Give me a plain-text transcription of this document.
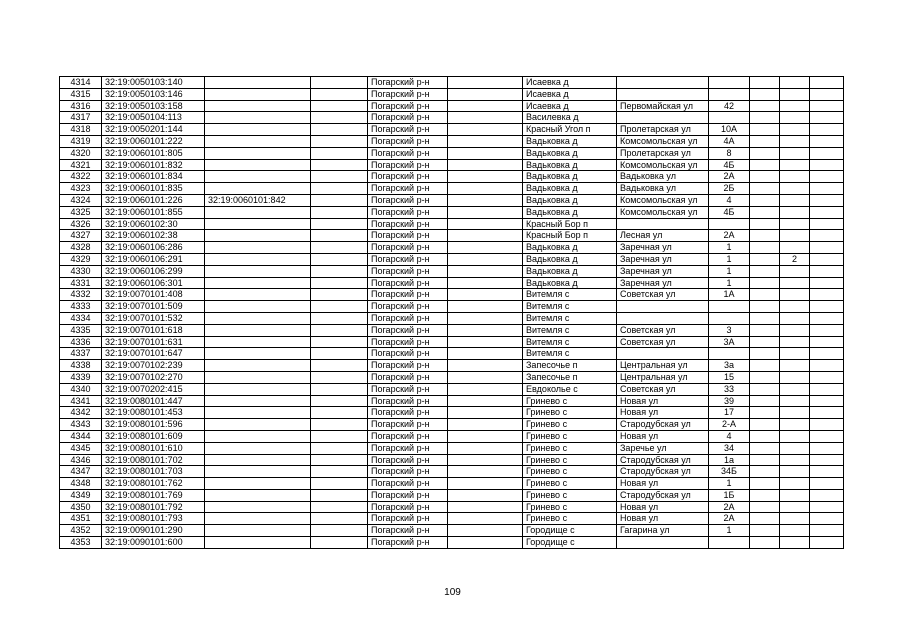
4314	32:19:0050103:140			Погарский р-н		Исаевка д					
4315	32:19:0050103:146			Погарский р-н		Исаевка д					
4316	32:19:0050103:158			Погарский р-н		Исаевка д	Первомайская ул	42			
4317	32:19:0050104:113			Погарский р-н		Василевка д					
4318	32:19:0050201:144			Погарский р-н		Красный Угол п	Пролетарская ул	10А			
4319	32:19:0060101:222			Погарский р-н		Вадьковка д	Комсомольская ул	4А			
4320	32:19:0060101:805			Погарский р-н		Вадьковка д	Пролетарская ул	8			
4321	32:19:0060101:832			Погарский р-н		Вадьковка д	Комсомольская ул	4Б			
4322	32:19:0060101:834			Погарский р-н		Вадьковка д	Вадьковка ул	2А			
4323	32:19:0060101:835			Погарский р-н		Вадьковка д	Вадьковка ул	2Б			
4324	32:19:0060101:226	32:19:0060101:842		Погарский р-н		Вадьковка д	Комсомольская ул	4			
4325	32:19:0060101:855			Погарский р-н		Вадьковка д	Комсомольская ул	4Б			
4326	32:19:0060102:30			Погарский р-н		Красный Бор п					
4327	32:19:0060102:38			Погарский р-н		Красный Бор п	Лесная ул	2А			
4328	32:19:0060106:286			Погарский р-н		Вадьковка д	Заречная ул	1			
4329	32:19:0060106:291			Погарский р-н		Вадьковка д	Заречная ул	1		2	
4330	32:19:0060106:299			Погарский р-н		Вадьковка д	Заречная ул	1			
4331	32:19:0060106:301			Погарский р-н		Вадьковка д	Заречная ул	1			
4332	32:19:0070101:408			Погарский р-н		Витемля с	Советская ул	1А			
4333	32:19:0070101:509			Погарский р-н		Витемля с					
4334	32:19:0070101:532			Погарский р-н		Витемля с					
4335	32:19:0070101:618			Погарский р-н		Витемля с	Советская ул	3			
4336	32:19:0070101:631			Погарский р-н		Витемля с	Советская ул	3А			
4337	32:19:0070101:647			Погарский р-н		Витемля с					
4338	32:19:0070102:239			Погарский р-н		Запесочье п	Центральная ул	3а			
4339	32:19:0070102:270			Погарский р-н		Запесочье п	Центральная ул	15			
4340	32:19:0070202:415			Погарский р-н		Евдоколье с	Советская ул	33			
4341	32:19:0080101:447			Погарский р-н		Гринево с	Новая ул	39			
4342	32:19:0080101:453			Погарский р-н		Гринево с	Новая ул	17			
4343	32:19:0080101:596			Погарский р-н		Гринево с	Стародубская ул	2-А			
4344	32:19:0080101:609			Погарский р-н		Гринево с	Новая ул	4			
4345	32:19:0080101:610			Погарский р-н		Гринево с	Заречье ул	34			
4346	32:19:0080101:702			Погарский р-н		Гринево с	Стародубская ул	1а			
4347	32:19:0080101:703			Погарский р-н		Гринево с	Стародубская ул	34Б			
4348	32:19:0080101:762			Погарский р-н		Гринево с	Новая ул	1			
4349	32:19:0080101:769			Погарский р-н		Гринево с	Стародубская ул	1Б			
4350	32:19:0080101:792			Погарский р-н		Гринево с	Новая ул	2А			
4351	32:19:0080101:793			Погарский р-н		Гринево с	Новая ул	2А			
4352	32:19:0090101:290			Погарский р-н		Городище с	Гагарина ул	1			
4353	32:19:0090101:600			Погарский р-н		Городище с					
109
